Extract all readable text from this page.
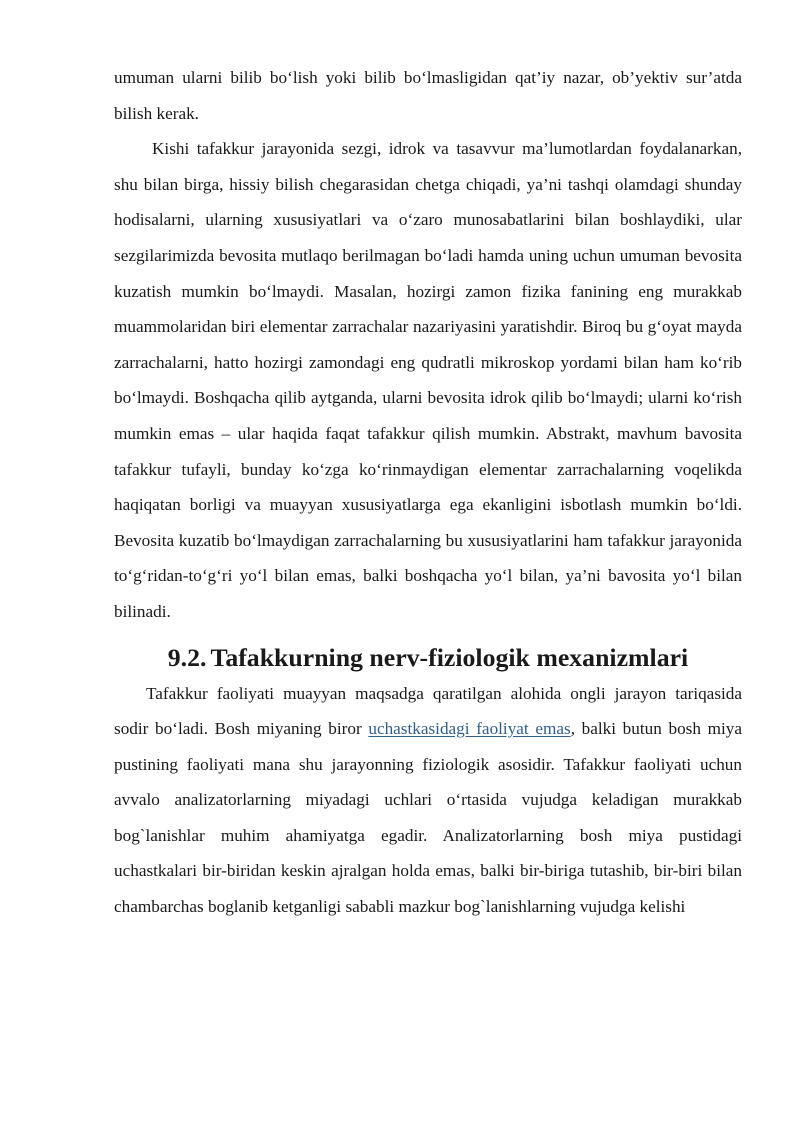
umuman ularni bilib bo‘lish yoki bilib bo‘lmasligidan qat’iy nazar, ob’yektiv sur’atda bilish kerak.

Kishi tafakkur jarayonida sezgi, idrok va tasavvur ma’lumotlardan foydalanarkan, shu bilan birga, hissiy bilish chegarasidan chetga chiqadi, ya’ni tashqi olamdagi shunday hodisalarni, ularning xususiyatlari va o‘zaro munosabatlarini bilan boshlaydiki, ular sezgilarimizda bevosita mutlaqo berilmagan bo‘ladi hamda uning uchun umuman bevosita kuzatish mumkin bo‘lmaydi. Masalan, hozirgi zamon fizika fanining eng murakkab muammolaridan biri elementar zarrachalar nazariyasini yaratishdir. Biroq bu g‘oyat mayda zarrachalarni, hatto hozirgi zamondagi eng qudratli mikroskop yordami bilan ham ko‘rib bo‘lmaydi. Boshqacha qilib aytganda, ularni bevosita idrok qilib bo‘lmaydi; ularni ko‘rish mumkin emas – ular haqida faqat tafakkur qilish mumkin. Abstrakt, mavhum bavosita tafakkur tufayli, bunday ko‘zga ko‘rinmaydigan elementar zarrachalarning voqelikda haqiqatan borligi va muayyan xususiyatlarga ega ekanligini isbotlash mumkin bo‘ldi. Bevosita kuzatib bo‘lmaydigan zarrachalarning bu xususiyatlarini ham tafakkur jarayonida to‘g‘ridan-to‘g‘ri yo‘l bilan emas, balki boshqacha yo‘l bilan, ya’ni bavosita yo‘l bilan bilinadi.

9.2. Tafakkurning nerv-fiziologik mexanizmlari

Tafakkur faoliyati muayyan maqsadga qaratilgan alohida ongli jarayon tariqasida sodir bo‘ladi. Bosh miyaning biror uchastkasidagi faoliyat emas, balki butun bosh miya pustining faoliyati mana shu jarayonning fiziologik asosidir. Tafakkur faoliyati uchun avvalo analizatorlarning miyadagi uchlari o‘rtasida vujudga keladigan murakkab bog`lanishlar muhim ahamiyatga egadir. Analizatorlarning bosh miya pustidagi uchastkalari bir-biridan keskin ajralgan holda emas, balki bir-biriga tutashib, bir-biri bilan chambarchas boglanib ketganligi sababli mazkur bog`lanishlarning vujudga kelishi
